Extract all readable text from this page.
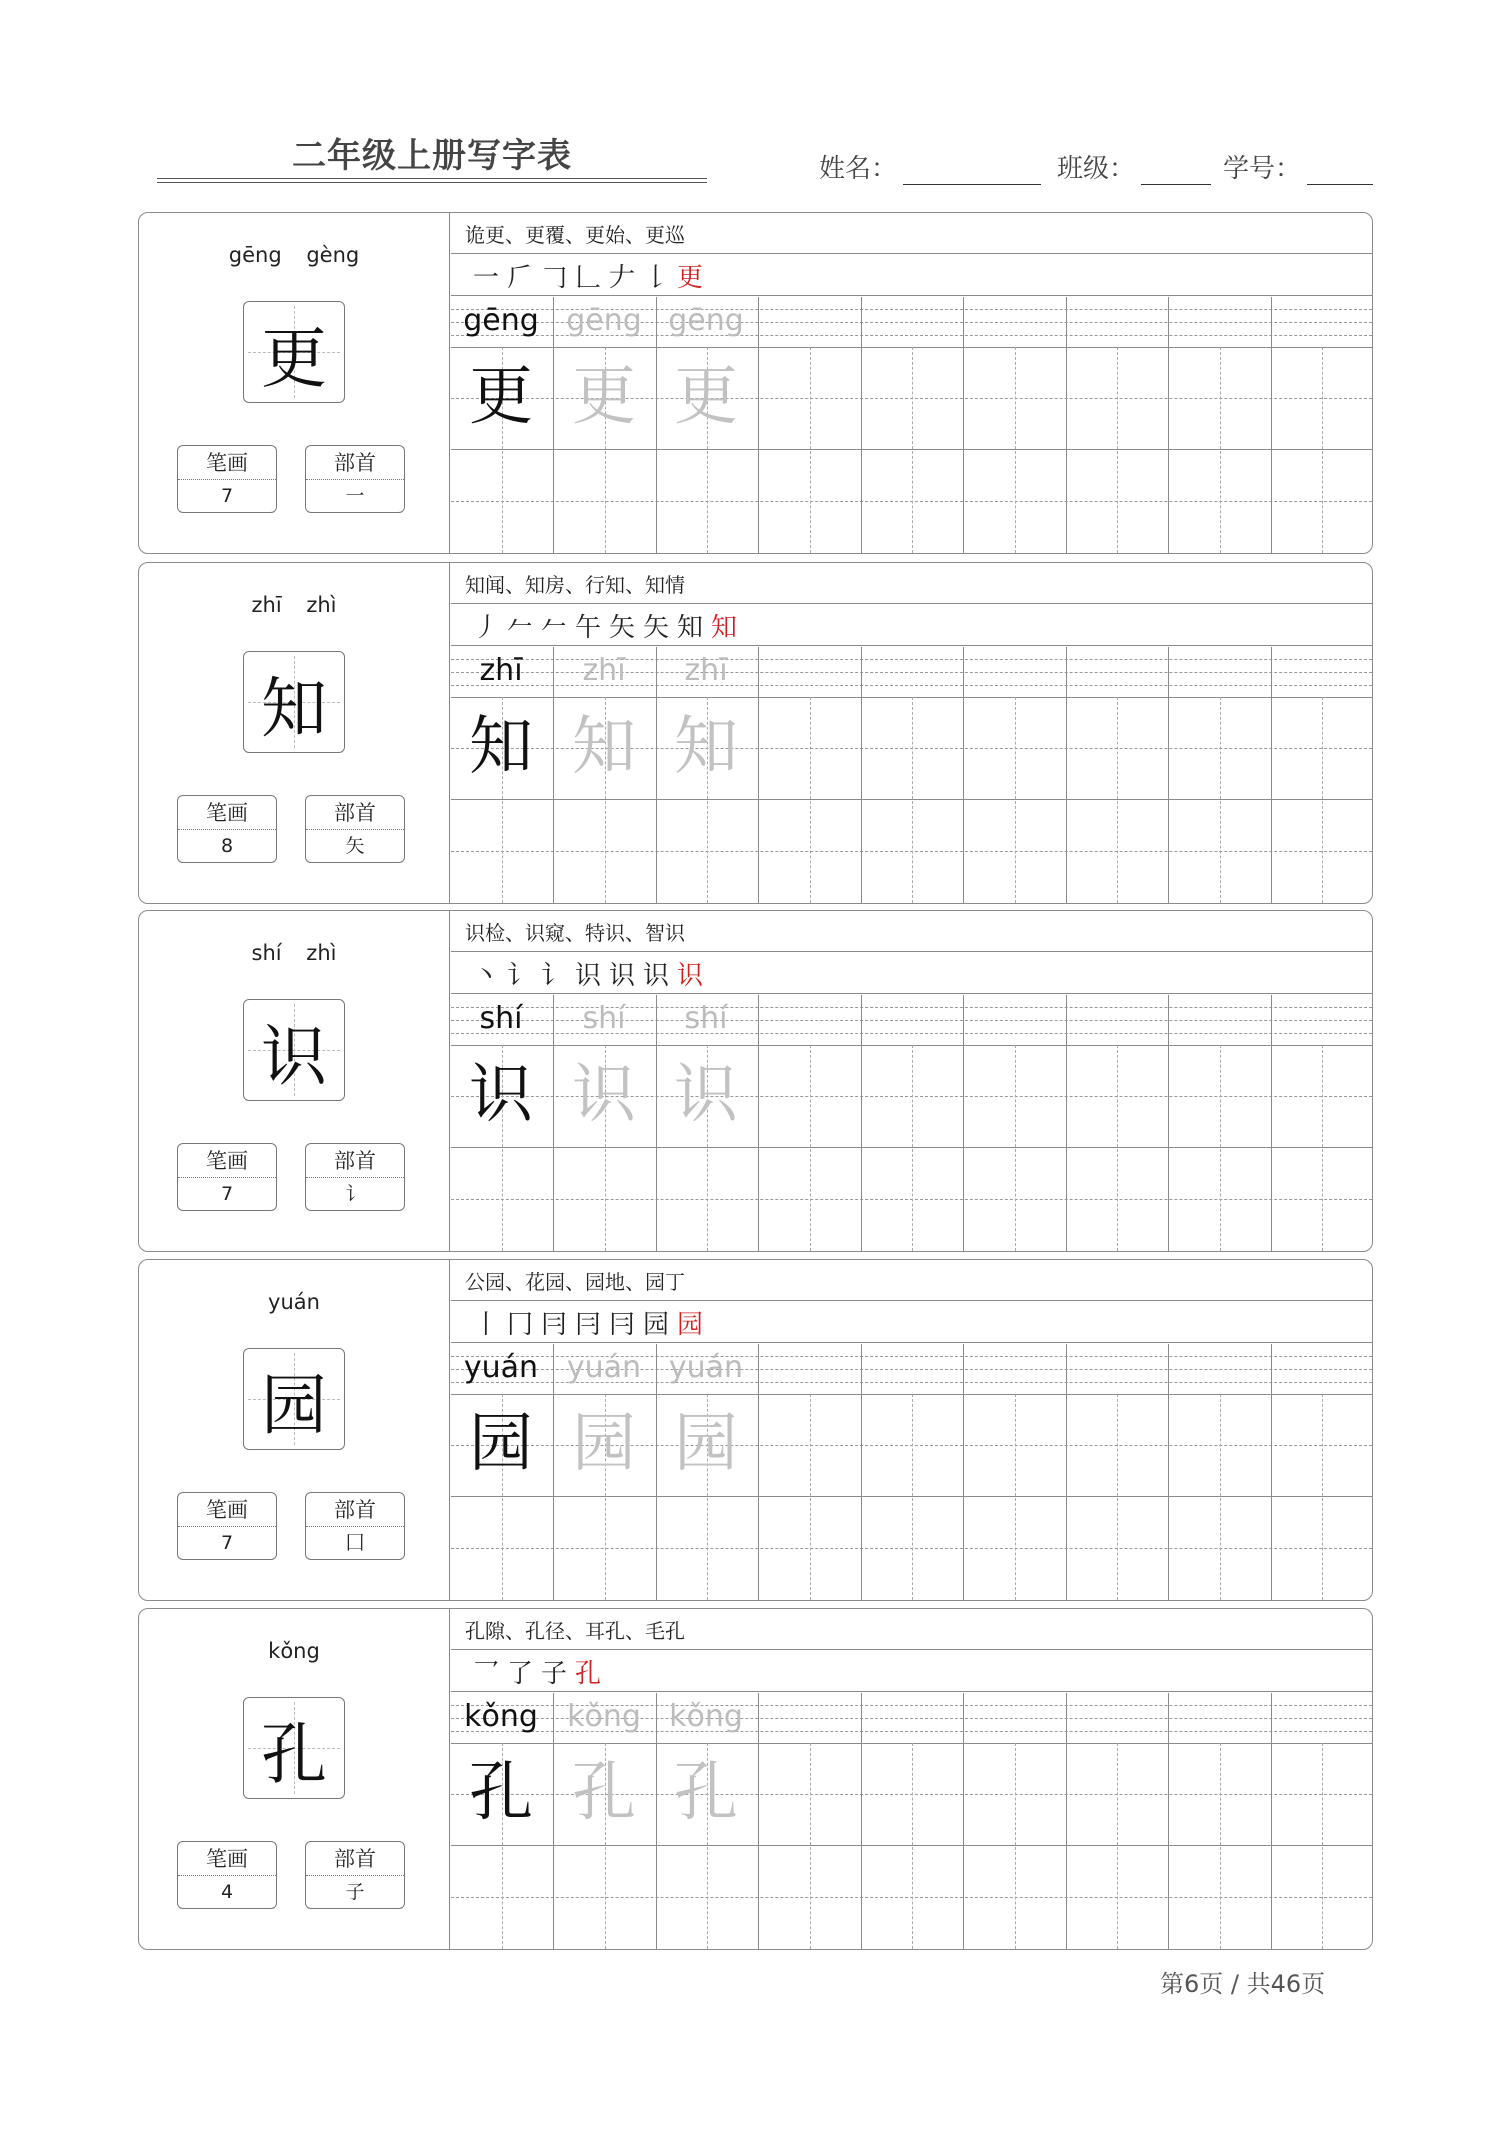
二年级上册写字表	姓名：	班级：	学号：
gēng gèng
更
笔画
7
部首
一
诡更、更覆、更始、更巡
一 𠂆 𠃌 𠃊 𠂇 𠄌 更
gēng
更
gēng
更
gēng
更
zhī zhì
知
笔画
8
部首
矢
知闻、知房、行知、知情
丿 𠂉 𠂉 午 矢 矢 知 知
zhī
知
zhī
知
zhī
知
shí zhì
识
笔画
7
部首
讠
识检、识窥、特识、智识
丶 讠 讠 识 识 识 识
shí
识
shí
识
shí
识
yuán
园
笔画
7
部首
囗
公园、花园、园地、园丁
丨 冂 冃 冃 冃 园 园
yuán
园
yuán
园
yuán
园
kǒng
孔
笔画
4
部首
子
孔隙、孔径、耳孔、毛孔
乛 了 子 孔
kǒng
孔
kǒng
孔
kǒng
孔
第6页 / 共46页
